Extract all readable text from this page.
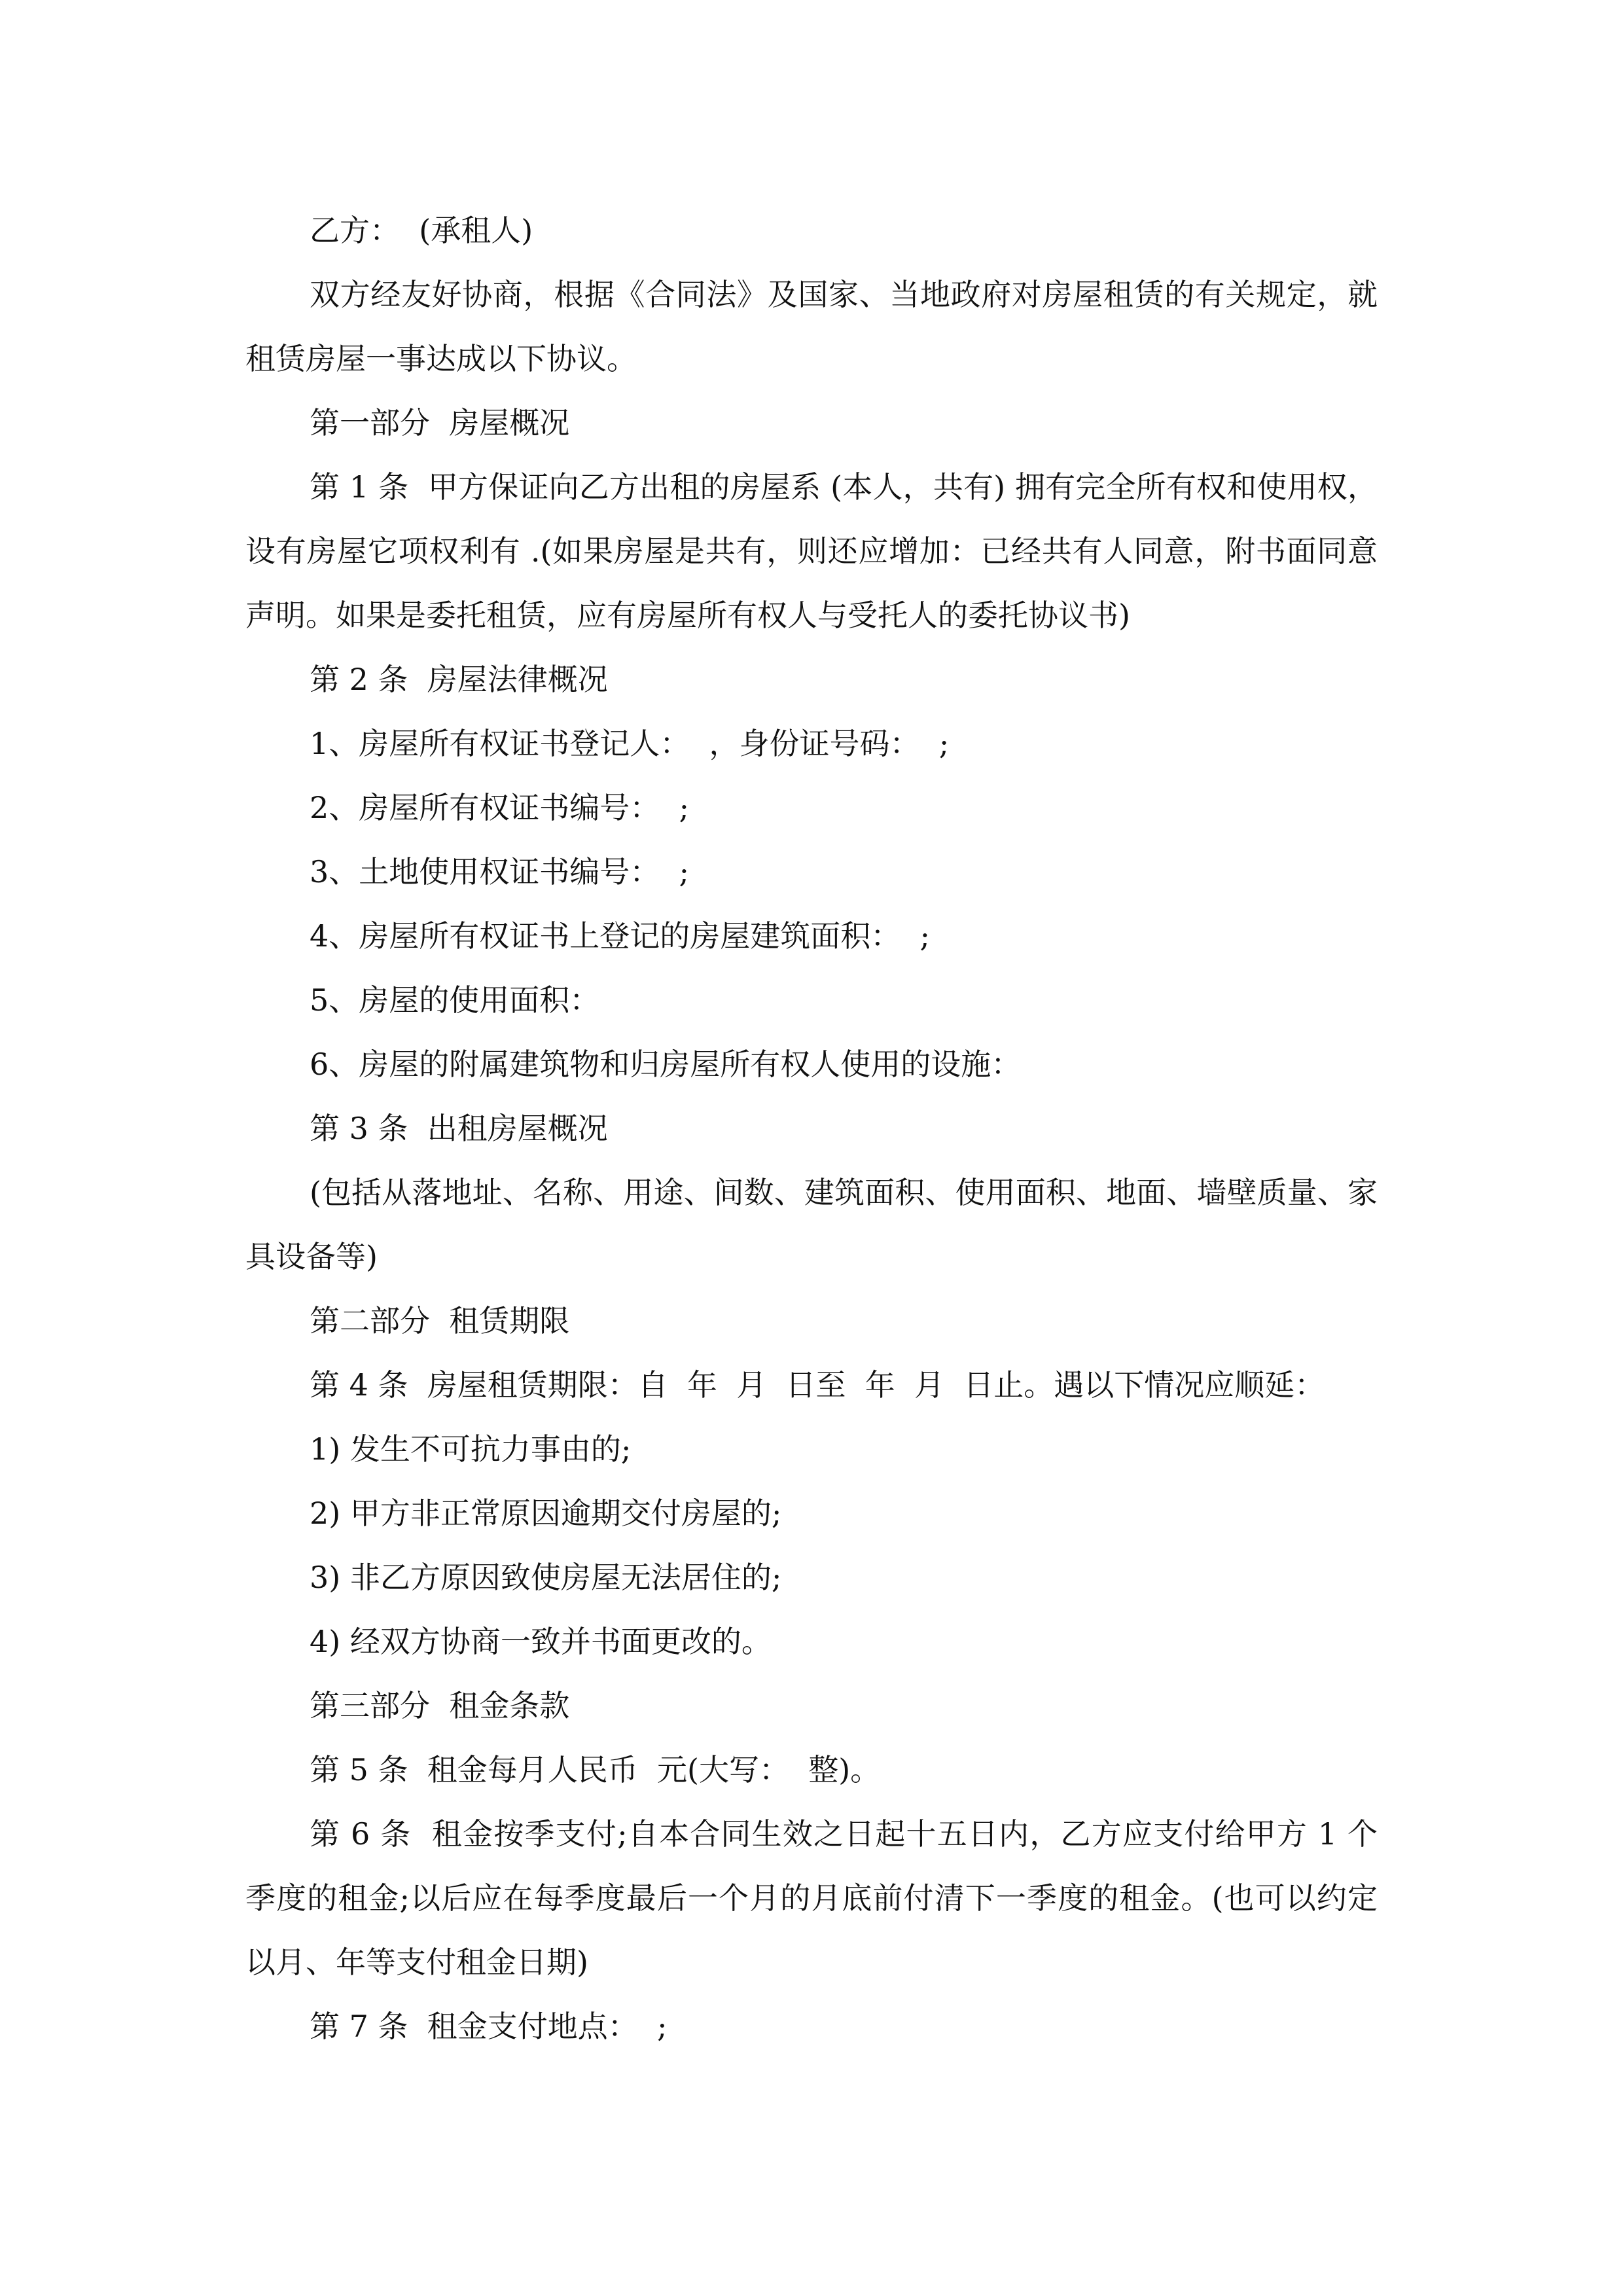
乙方：  (承租人)

双方经友好协商，根据《合同法》及国家、当地政府对房屋租赁的有关规定，就租赁房屋一事达成以下协议。

第一部分  房屋概况

第 1 条  甲方保证向乙方出租的房屋系 (本人，共有) 拥有完全所有权和使用权，设有房屋它项权利有 .(如果房屋是共有，则还应增加：已经共有人同意，附书面同意声明。如果是委托租赁，应有房屋所有权人与受托人的委托协议书)

第 2 条  房屋法律概况

1、房屋所有权证书登记人：  ，身份证号码：  ;

2、房屋所有权证书编号：  ;

3、土地使用权证书编号：  ;

4、房屋所有权证书上登记的房屋建筑面积：  ;

5、房屋的使用面积：

6、房屋的附属建筑物和归房屋所有权人使用的设施：

第 3 条  出租房屋概况

(包括从落地址、名称、用途、间数、建筑面积、使用面积、地面、墙壁质量、家具设备等)

第二部分  租赁期限

第 4 条  房屋租赁期限：自  年  月  日至  年  月  日止。遇以下情况应顺延：

1) 发生不可抗力事由的;

2) 甲方非正常原因逾期交付房屋的;

3) 非乙方原因致使房屋无法居住的;

4) 经双方协商一致并书面更改的。

第三部分  租金条款

第 5 条  租金每月人民币  元(大写：  整)。

第 6 条  租金按季支付;自本合同生效之日起十五日内，乙方应支付给甲方 1 个季度的租金;以后应在每季度最后一个月的月底前付清下一季度的租金。(也可以约定以月、年等支付租金日期)

第 7 条  租金支付地点：  ;
